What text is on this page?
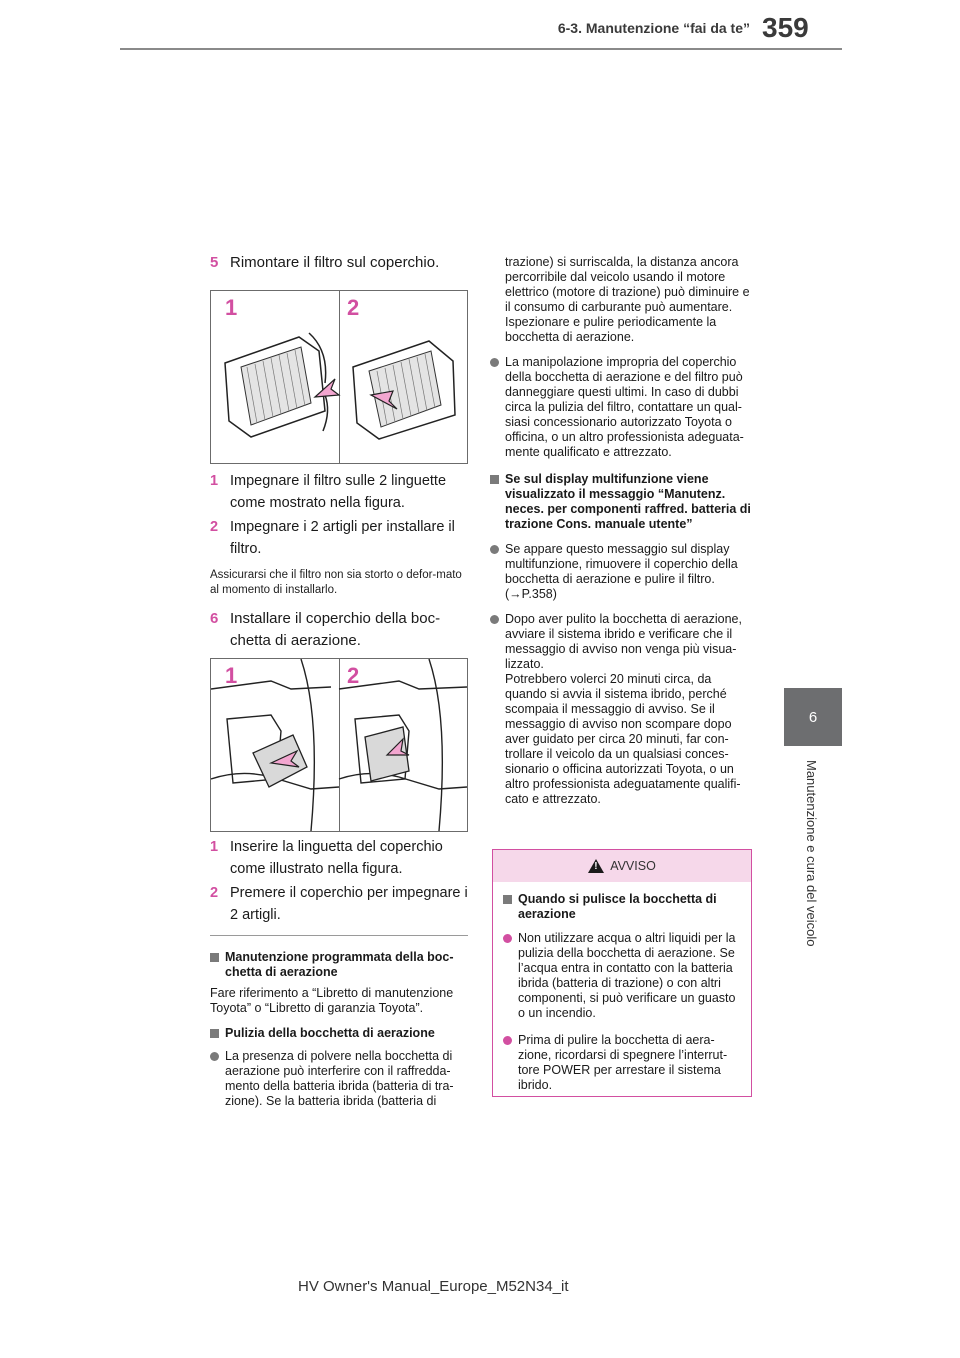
6-3. Manutenzione “fai da te” 359
6
Manutenzione e cura del veicolo
5 Rimontare il filtro sul coperchio.
1	2
1 Impegnare il filtro sulle 2 linguette come mostrato nella figura.
2 Impegnare i 2 artigli per installare il filtro.
Assicurarsi che il filtro non sia storto o defor-mato al momento di installarlo.
6 Installare il coperchio della boc-chetta di aerazione.
1	2
1 Inserire la linguetta del coperchio come illustrato nella figura.
2 Premere il coperchio per impegnare i 2 artigli.
Manutenzione programmata della boc-chetta di aerazione
Fare riferimento a “Libretto di manutenzione Toyota” o “Libretto di garanzia Toyota”.
Pulizia della bocchetta di aerazione
La presenza di polvere nella bocchetta di aerazione può interferire con il raffredda-mento della batteria ibrida (batteria di tra-zione). Se la batteria ibrida (batteria di
trazione) si surriscalda, la distanza ancora percorribile dal veicolo usando il motore elettrico (motore di trazione) può diminuire e il consumo di carburante può aumentare. Ispezionare e pulire periodicamente la bocchetta di aerazione.
La manipolazione impropria del coperchio della bocchetta di aerazione e del filtro può danneggiare questi ultimi. In caso di dubbi circa la pulizia del filtro, contattare un qual-siasi concessionario autorizzato Toyota o officina, o un altro professionista adeguata-mente qualificato e attrezzato.
Se sul display multifunzione viene visualizzato il messaggio “Manutenz. neces. per componenti raffred. batteria di trazione Cons. manuale utente”
Se appare questo messaggio sul display multifunzione, rimuovere il coperchio della bocchetta di aerazione e pulire il filtro. (→P.358)
Dopo aver pulito la bocchetta di aerazione, avviare il sistema ibrido e verificare che il messaggio di avviso non venga più visua-lizzato.
Potrebbero volerci 20 minuti circa, da quando si avvia il sistema ibrido, perché scompaia il messaggio di avviso. Se il messaggio di avviso non scompare dopo aver guidato per circa 20 minuti, far con-trollare il veicolo da un qualsiasi conces-sionario o officina autorizzati Toyota, o un altro professionista adeguatamente qualifi-cato e attrezzato.
!
AVVISO
Quando si pulisce la bocchetta di aerazione
Non utilizzare acqua o altri liquidi per la pulizia della bocchetta di aerazione. Se l’acqua entra in contatto con la batteria ibrida (batteria di trazione) o con altri componenti, si può verificare un guasto o un incendio.
Prima di pulire la bocchetta di aera-zione, ricordarsi di spegnere l’interrut-tore POWER per arrestare il sistema ibrido.
HV Owner's Manual_Europe_M52N34_it
